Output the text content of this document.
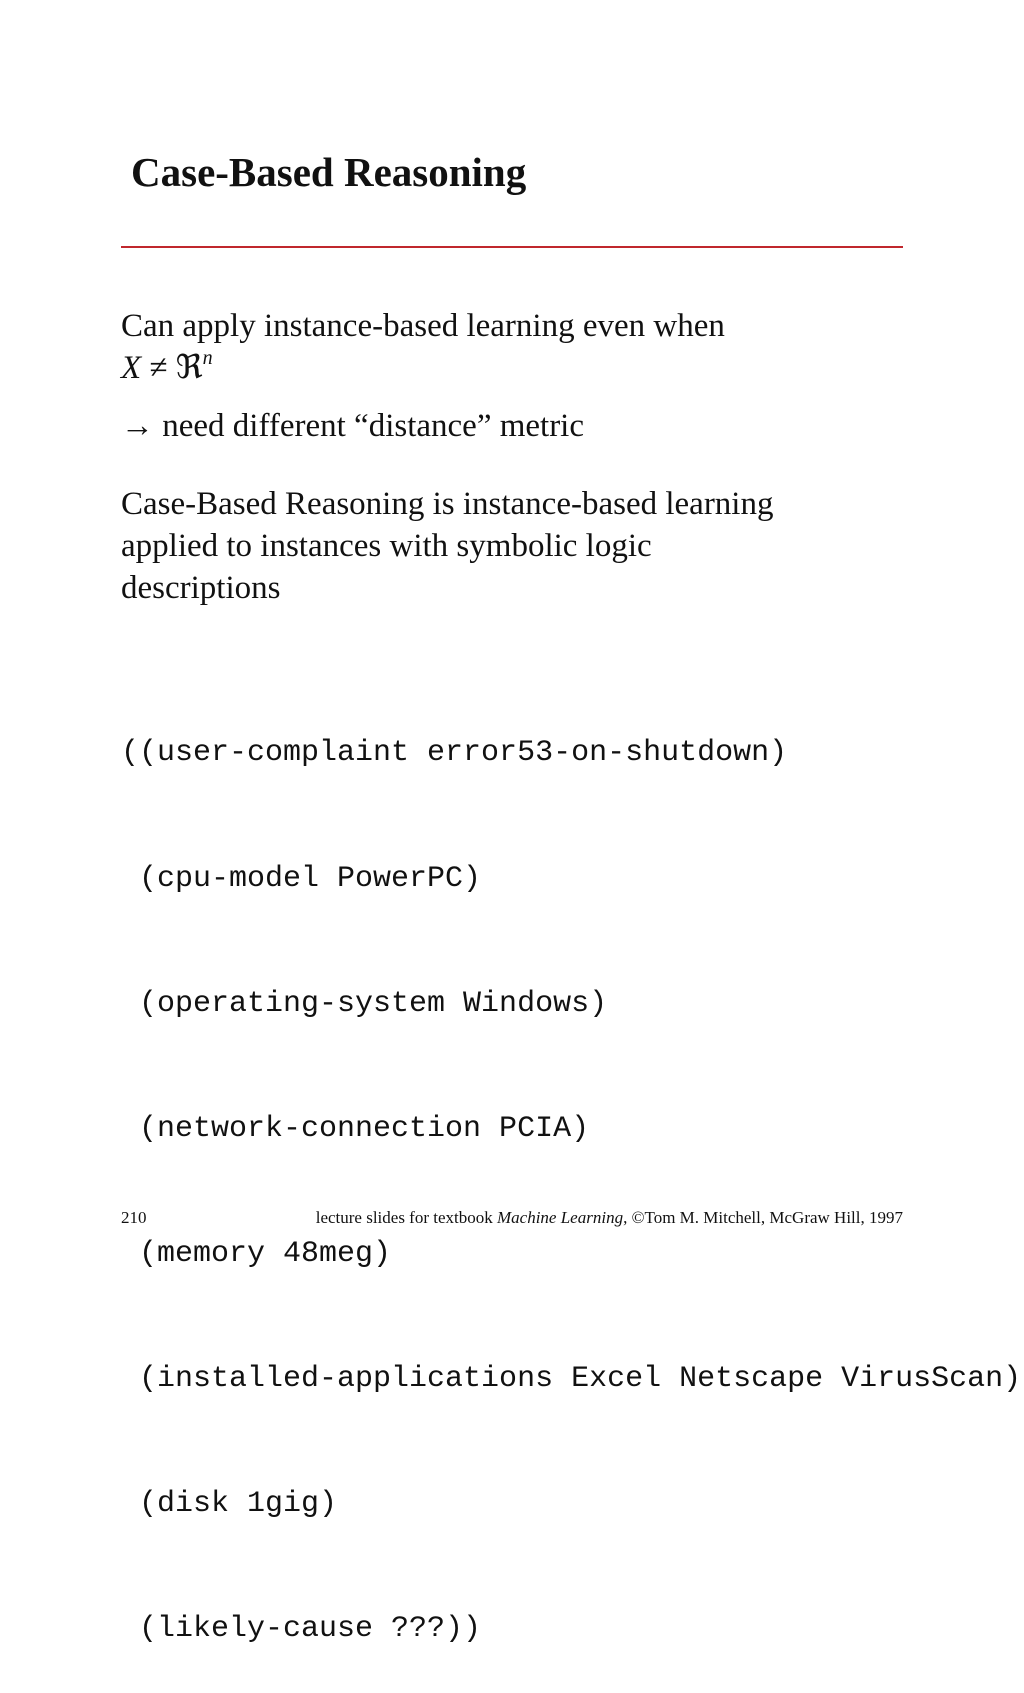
Case-Based Reasoning

Can apply instance-based learning even when
X ≠ ℜ$^n$

→ need different “distance” metric

Case-Based Reasoning is instance-based learning
applied to instances with symbolic logic
descriptions

((user-complaint error53-on-shutdown)

(cpu-model PowerPC)

(operating-system Windows)

(network-connection PCIA)

(memory 48meg)

(installed-applications Excel Netscape VirusScan)

(disk 1gig)

(likely-cause ???))

210	lecture slides for textbook Machine Learning, ©Tom M. Mitchell, McGraw Hill, 1997
